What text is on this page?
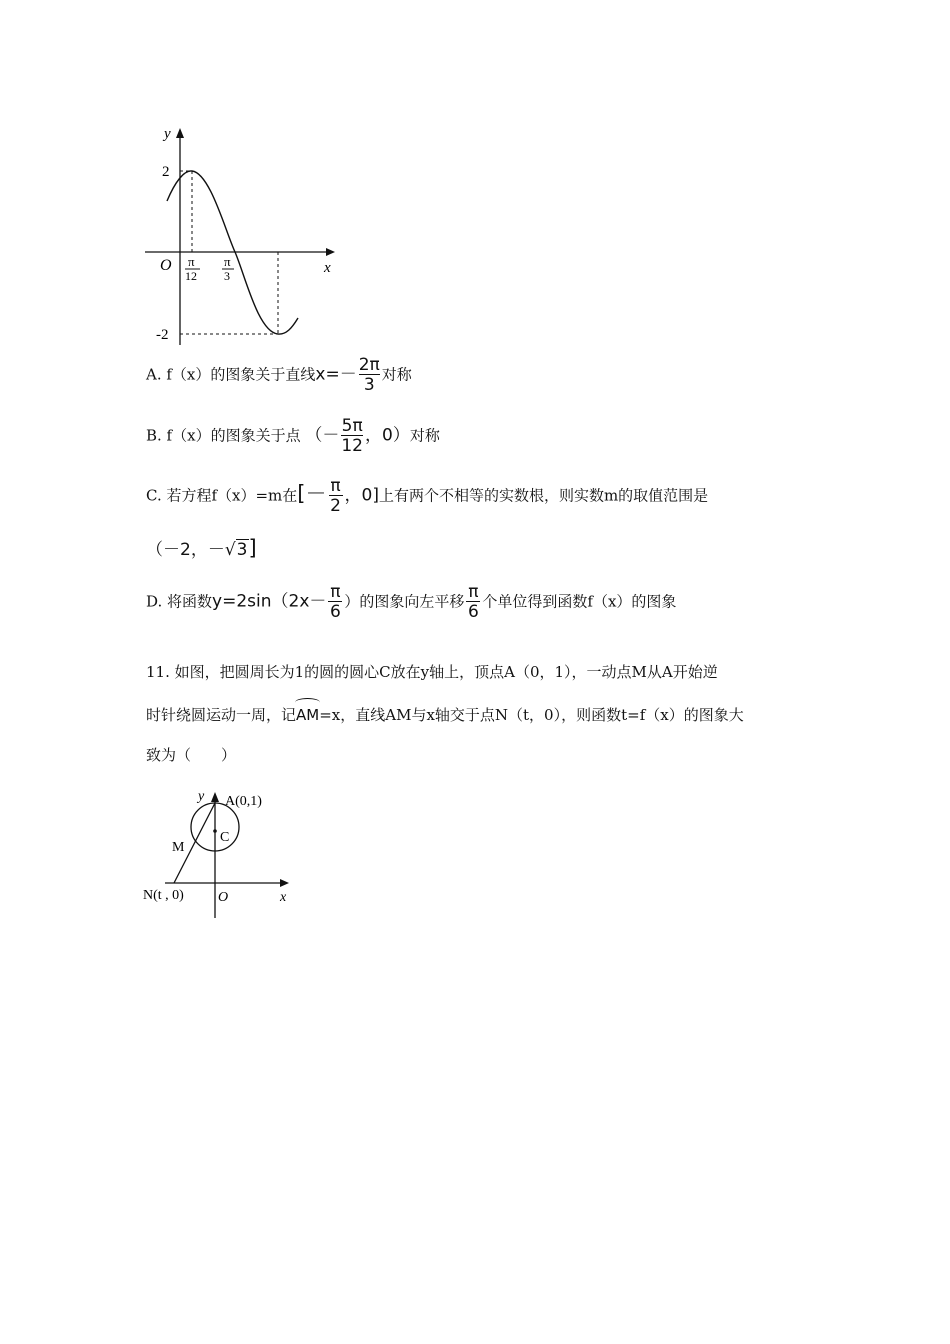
y
x
O
2
-2
π
12
π
3
A. f（x）的图象关于直线$x=- \frac{2\pi}{3}$ 对称
B. f（x）的图象关于点 （－ $\frac{5\pi}{12}$ ，0）对称
C. 若方程f（x）=m在[－ $\frac{\pi}{2}$ ，0]上有两个不相等的实数根，则实数m的取值范围是
（－2，－√3]
D. 将函数$y=2\sin(2x- \frac{\pi}{6}$ ）的图象向左平移 $\frac{\pi}{6}$ 个单位得到函数f（x）的图象
11. 如图，把圆周长为1的圆的圆心C放在y轴上，顶点A（0，1），一动点M从A开始逆
时针绕圆运动一周，记AM=x，直线AM与x轴交于点N（t，0），则函数t=f（x）的图象大
致为（　　）
y
x
O
A(0,1)
C
M
N(t , 0)
